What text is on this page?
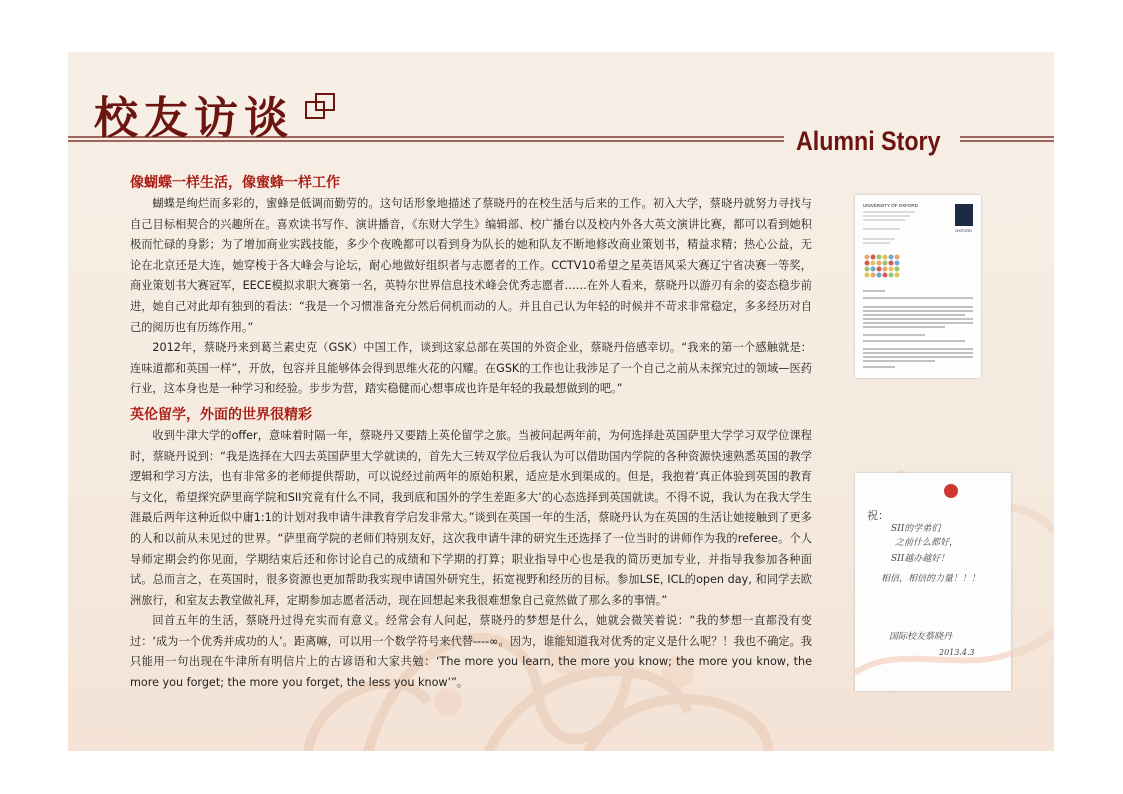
校友访谈	Alumni Story
像蝴蝶一样生活，像蜜蜂一样工作

蝴蝶是绚烂而多彩的，蜜蜂是低调而勤劳的。这句话形象地描述了蔡晓丹的在校生活与后来的工作。初入大学，蔡晓丹就努力寻找与自己目标相契合的兴趣所在。喜欢读书写作、演讲播音，《东财大学生》编辑部、校广播台以及校内外各大英文演讲比赛，都可以看到她积极而忙碌的身影；为了增加商业实践技能，多少个夜晚都可以看到身为队长的她和队友不断地修改商业策划书，精益求精；热心公益，无论在北京还是大连，她穿梭于各大峰会与论坛，耐心地做好组织者与志愿者的工作。CCTV10希望之星英语风采大赛辽宁省决赛一等奖，商业策划书大赛冠军，EECE模拟求职大赛第一名，英特尔世界信息技术峰会优秀志愿者……在外人看来，蔡晓丹以游刃有余的姿态稳步前进，她自己对此却有独到的看法：“我是一个习惯准备充分然后伺机而动的人。并且自己认为年轻的时候并不苛求非常稳定，多多经历对自己的阅历也有历练作用。”

2012年，蔡晓丹来到葛兰素史克（GSK）中国工作，谈到这家总部在英国的外资企业，蔡晓丹倍感幸切。“我来的第一个感触就是：连味道都和英国一样”，开放，包容并且能够体会得到思维火花的闪耀。在GSK的工作也让我涉足了一个自己之前从未探究过的领域—医药行业，这本身也是一种学习和经验。步步为营，踏实稳健而心想事成也许是年轻的我最想做到的吧。”

英伦留学，外面的世界很精彩

收到牛津大学的offer，意味着时隔一年，蔡晓丹又要踏上英伦留学之旅。当被问起两年前，为何选择赴英国萨里大学学习双学位课程时，蔡晓丹说到：“我是选择在大四去英国萨里大学就读的，首先大三转双学位后我认为可以借助国内学院的各种资源快速熟悉英国的教学逻辑和学习方法，也有非常多的老师提供帮助，可以说经过前两年的原始积累，适应是水到渠成的。但是，我抱着‘真正体验到英国的教育与文化，希望探究萨里商学院和SII究竟有什么不同，我到底和国外的学生差距多大’的心态选择到英国就读。不得不说，我认为在我大学生涯最后两年这种近似中庸1:1的计划对我申请牛津教育学启发非常大。”谈到在英国一年的生活，蔡晓丹认为在英国的生活让她接触到了更多的人和以前从未见过的世界。“萨里商学院的老师们特别友好，这次我申请牛津的研究生还选择了一位当时的讲师作为我的referee。个人导师定期会约你见面，学期结束后还和你讨论自己的成绩和下学期的打算；职业指导中心也是我的简历更加专业，并指导我参加各种面试。总而言之，在英国时，很多资源也更加帮助我实现申请国外研究生，拓宽视野和经历的目标。参加LSE, ICL的open day, 和同学去欧洲旅行，和室友去教堂做礼拜，定期参加志愿者活动，现在回想起来我很难想象自己竟然做了那么多的事情。”

回首五年的生活，蔡晓丹过得充实而有意义。经常会有人问起，蔡晓丹的梦想是什么，她就会微笑着说：“我的梦想一直都没有变过：‘成为一个优秀并成功的人’。距离嘛，可以用一个数学符号来代替----∞。因为，谁能知道我对优秀的定义是什么呢？！我也不确定。我只能用一句出现在牛津所有明信片上的古谚语和大家共勉：‘The more you learn, the more you know; the more you know, the more you forget; the more you forget, the less you know’”。

UNIVERSITY OF OXFORD
OXFORD
祝：
SII的学弟们
之前什么都好，
SII越办越好！
相信，相信的力量！！！
国际校友蔡晓丹
2013.4.3
